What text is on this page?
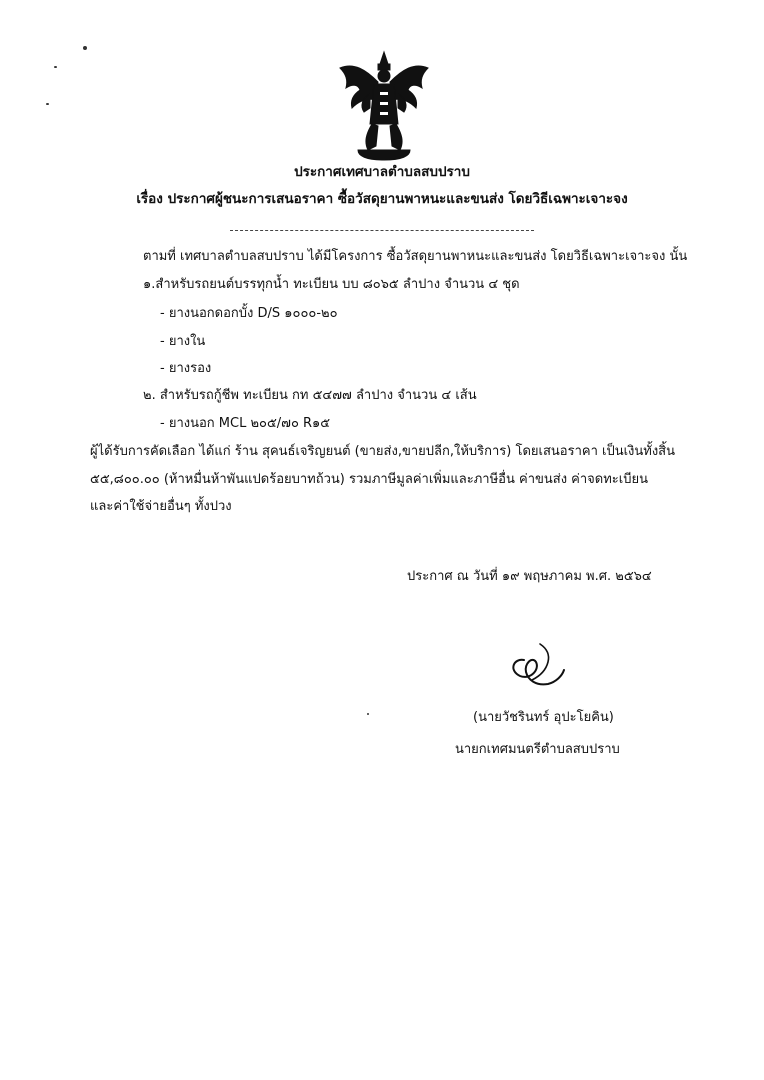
ประกาศเทศบาลตำบลสบปราบ
เรื่อง ประกาศผู้ชนะการเสนอราคา ซื้อวัสดุยานพาหนะและขนส่ง โดยวิธีเฉพาะเจาะจง
ตามที่ เทศบาลตำบลสบปราบ ได้มีโครงการ ซื้อวัสดุยานพาหนะและขนส่ง โดยวิธีเฉพาะเจาะจง นั้น
๑.สำหรับรถยนต์บรรทุกน้ำ ทะเบียน บบ ๘๐๖๕ ลำปาง จำนวน ๔ ชุด
- ยางนอกดอกบั้ง D/S ๑๐๐๐-๒๐
- ยางใน
- ยางรอง
๒. สำหรับรถกู้ชีพ ทะเบียน กท ๕๔๗๗ ลำปาง จำนวน ๔ เส้น
- ยางนอก MCL ๒๐๕/๗๐ R๑๕
ผู้ได้รับการคัดเลือก ได้แก่ ร้าน สุคนธ์เจริญยนต์ (ขายส่ง,ขายปลีก,ให้บริการ) โดยเสนอราคา เป็นเงินทั้งสิ้น
๕๕,๘๐๐.๐๐ (ห้าหมื่นห้าพันแปดร้อยบาทถ้วน) รวมภาษีมูลค่าเพิ่มและภาษีอื่น ค่าขนส่ง ค่าจดทะเบียน
และค่าใช้จ่ายอื่นๆ ทั้งปวง
ประกาศ ณ วันที่ ๑๙ พฤษภาคม พ.ศ. ๒๕๖๔
(นายวัชรินทร์ อุปะโยคิน)
นายกเทศมนตรีตำบลสบปราบ
